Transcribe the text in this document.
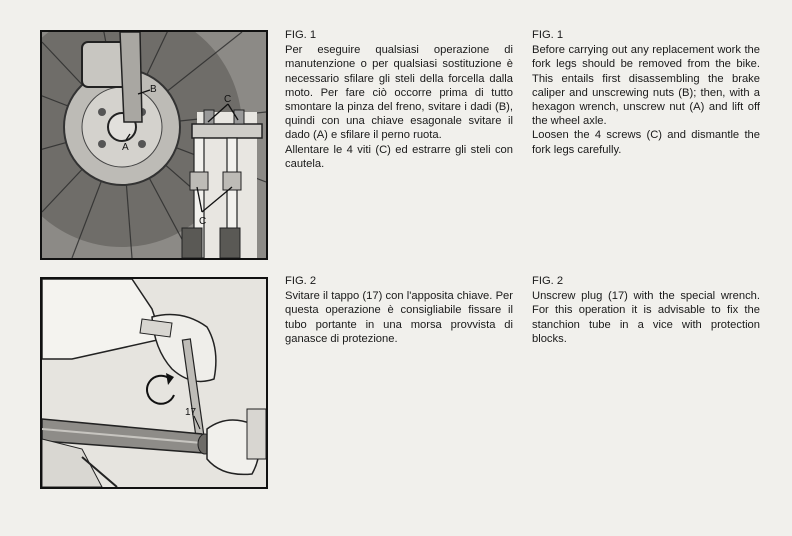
B
A
C
C
FIG. 1

Per eseguire qualsiasi operazione di manutenzione o per qualsiasi sostituzione è necessario sfilare gli steli della forcella dalla moto. Per fare ciò occorre prima di tutto smontare la pinza del freno, svitare i dadi (B), quindi con una chiave esagonale svitare il dado (A) e sfilare il perno ruota.

Allentare le 4 viti (C) ed estrarre gli steli con cautela.

FIG. 1

Before carrying out any replacement work the fork legs should be removed from the bike. This entails first disassembling the brake caliper and unscrewing nuts (B); then, with a hexagon wrench, unscrew nut (A) and lift off the wheel axle.

Loosen the 4 screws (C) and dismantle the fork legs carefully.

17
FIG. 2

Svitare il tappo (17) con l'apposita chiave. Per questa operazione è consigliabile fissare il tubo portante in una morsa provvista di ganasce di protezione.

FIG. 2

Unscrew plug (17) with the special wrench. For this operation it is advisable to fix the stanchion tube in a vice with protection blocks.
